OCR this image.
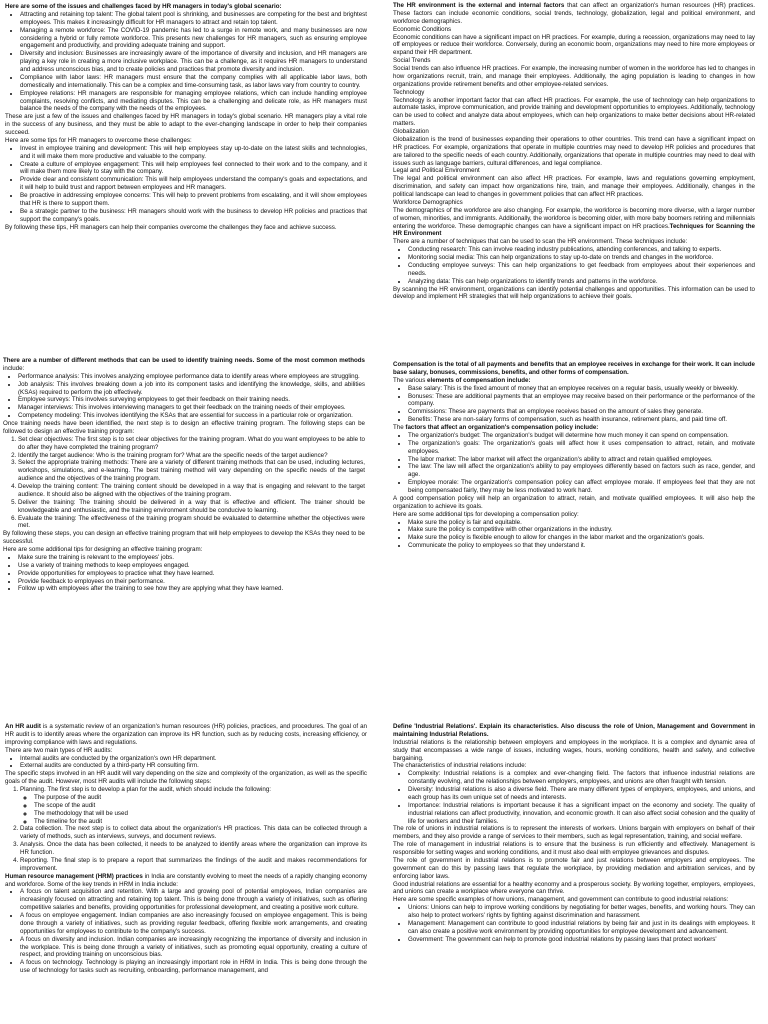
Here are some of the issues and challenges faced by HR managers in today's global scenario:

• Attracting and retaining top talent: The global talent pool is shrinking, and businesses are competing for the best and brightest employees. This makes it increasingly difficult for HR managers to attract and retain top talent.
• Managing a remote workforce: The COVID-19 pandemic has led to a surge in remote work, and many businesses are now considering a hybrid or fully remote workforce. This presents new challenges for HR managers, such as ensuring employee engagement and productivity, and providing adequate training and support.
• Diversity and inclusion: Businesses are increasingly aware of the importance of diversity and inclusion, and HR managers are playing a key role in creating a more inclusive workplace. This can be a challenge, as it requires HR managers to understand and address unconscious bias, and to create policies and practices that promote diversity and inclusion.
• Compliance with labor laws: HR managers must ensure that the company complies with all applicable labor laws, both domestically and internationally. This can be a complex and time-consuming task, as labor laws vary from country to country.
• Employee relations: HR managers are responsible for managing employee relations, which can include handling employee complaints, resolving conflicts, and mediating disputes. This can be a challenging and delicate role, as HR managers must balance the needs of the company with the needs of the employees.

These are just a few of the issues and challenges faced by HR managers in today's global scenario. HR managers play a vital role in the success of any business, and they must be able to adapt to the ever-changing landscape in order to help their companies succeed.

Here are some tips for HR managers to overcome these challenges:

• Invest in employee training and development: This will help employees stay up-to-date on the latest skills and technologies, and it will make them more productive and valuable to the company.
• Create a culture of employee engagement: This will help employees feel connected to their work and to the company, and it will make them more likely to stay with the company.
• Provide clear and consistent communication: This will help employees understand the company's goals and expectations, and it will help to build trust and rapport between employees and HR managers.
• Be proactive in addressing employee concerns: This will help to prevent problems from escalating, and it will show employees that HR is there to support them.
• Be a strategic partner to the business: HR managers should work with the business to develop HR policies and practices that support the company's goals.

By following these tips, HR managers can help their companies overcome the challenges they face and achieve success.

The HR environment is the external and internal factors that can affect an organization's human resources (HR) practices. These factors can include economic conditions, social trends, technology, globalization, legal and political environment, and workforce demographics.

Economic Conditions

Economic conditions can have a significant impact on HR practices. For example, during a recession, organizations may need to lay off employees or reduce their workforce. Conversely, during an economic boom, organizations may need to hire more employees or expand their HR department.

Social Trends

Social trends can also influence HR practices. For example, the increasing number of women in the workforce has led to changes in how organizations recruit, train, and manage their employees. Additionally, the aging population is leading to changes in how organizations provide retirement benefits and other employee-related services.

Technology

Technology is another important factor that can affect HR practices. For example, the use of technology can help organizations to automate tasks, improve communication, and provide training and development opportunities to employees. Additionally, technology can be used to collect and analyze data about employees, which can help organizations to make better decisions about HR-related matters.

Globalization

Globalization is the trend of businesses expanding their operations to other countries. This trend can have a significant impact on HR practices. For example, organizations that operate in multiple countries may need to develop HR policies and procedures that are tailored to the specific needs of each country. Additionally, organizations that operate in multiple countries may need to deal with issues such as language barriers, cultural differences, and legal compliance.

Legal and Political Environment

The legal and political environment can also affect HR practices. For example, laws and regulations governing employment, discrimination, and safety can impact how organizations hire, train, and manage their employees. Additionally, changes in the political landscape can lead to changes in government policies that can affect HR practices.

Workforce Demographics

The demographics of the workforce are also changing. For example, the workforce is becoming more diverse, with a larger number of women, minorities, and immigrants. Additionally, the workforce is becoming older, with more baby boomers retiring and millennials entering the workforce. These demographic changes can have a significant impact on HR practices.Techniques for Scanning the HR Environment

There are a number of techniques that can be used to scan the HR environment. These techniques include:

• Conducting research: This can involve reading industry publications, attending conferences, and talking to experts.
• Monitoring social media: This can help organizations to stay up-to-date on trends and changes in the workforce.
• Conducting employee surveys: This can help organizations to get feedback from employees about their experiences and needs.
• Analyzing data: This can help organizations to identify trends and patterns in the workforce.

By scanning the HR environment, organizations can identify potential challenges and opportunities. This information can be used to develop and implement HR strategies that will help organizations to achieve their goals.

There are a number of different methods that can be used to identify training needs. Some of the most common methods include:

• Performance analysis: This involves analyzing employee performance data to identify areas where employees are struggling.
• Job analysis: This involves breaking down a job into its component tasks and identifying the knowledge, skills, and abilities (KSAs) required to perform the job effectively.
• Employee surveys: This involves surveying employees to get their feedback on their training needs.
• Manager interviews: This involves interviewing managers to get their feedback on the training needs of their employees.
• Competency modeling: This involves identifying the KSAs that are essential for success in a particular role or organization.

Once training needs have been identified, the next step is to design an effective training program. The following steps can be followed to design an effective training program:

1. Set clear objectives: The first step is to set clear objectives for the training program. What do you want employees to be able to do after they have completed the training program?
2. Identify the target audience: Who is the training program for? What are the specific needs of the target audience?
3. Select the appropriate training methods: There are a variety of different training methods that can be used, including lectures, workshops, simulations, and e-learning. The best training method will vary depending on the specific needs of the target audience and the objectives of the training program.
4. Develop the training content: The training content should be developed in a way that is engaging and relevant to the target audience. It should also be aligned with the objectives of the training program.
5. Deliver the training: The training should be delivered in a way that is effective and efficient. The trainer should be knowledgeable and enthusiastic, and the training environment should be conducive to learning.
6. Evaluate the training: The effectiveness of the training program should be evaluated to determine whether the objectives were met.

By following these steps, you can design an effective training program that will help employees to develop the KSAs they need to be successful.

Here are some additional tips for designing an effective training program:

• Make sure the training is relevant to the employees' jobs.
• Use a variety of training methods to keep employees engaged.
• Provide opportunities for employees to practice what they have learned.
• Provide feedback to employees on their performance.
• Follow up with employees after the training to see how they are applying what they have learned.

Compensation is the total of all payments and benefits that an employee receives in exchange for their work. It can include base salary, bonuses, commissions, benefits, and other forms of compensation.

The various elements of compensation include:

• Base salary: This is the fixed amount of money that an employee receives on a regular basis, usually weekly or biweekly.
• Bonuses: These are additional payments that an employee may receive based on their performance or the performance of the company.
• Commissions: These are payments that an employee receives based on the amount of sales they generate.
• Benefits: These are non-salary forms of compensation, such as health insurance, retirement plans, and paid time off.

The factors that affect an organization's compensation policy include:

• The organization's budget: The organization's budget will determine how much money it can spend on compensation.
• The organization's goals: The organization's goals will affect how it uses compensation to attract, retain, and motivate employees.
• The labor market: The labor market will affect the organization's ability to attract and retain qualified employees.
• The law: The law will affect the organization's ability to pay employees differently based on factors such as race, gender, and age.
• Employee morale: The organization's compensation policy can affect employee morale. If employees feel that they are not being compensated fairly, they may be less motivated to work hard.

A good compensation policy will help an organization to attract, retain, and motivate qualified employees. It will also help the organization to achieve its goals.

Here are some additional tips for developing a compensation policy:

• Make sure the policy is fair and equitable.
• Make sure the policy is competitive with other organizations in the industry.
• Make sure the policy is flexible enough to allow for changes in the labor market and the organization's goals.
• Communicate the policy to employees so that they understand it.

An HR audit is a systematic review of an organization's human resources (HR) policies, practices, and procedures. The goal of an HR audit is to identify areas where the organization can improve its HR function, such as by reducing costs, increasing efficiency, or improving compliance with laws and regulations.

There are two main types of HR audits:

• Internal audits are conducted by the organization's own HR department.
• External audits are conducted by a third-party HR consulting firm.

The specific steps involved in an HR audit will vary depending on the size and complexity of the organization, as well as the specific goals of the audit. However, most HR audits will include the following steps:

1. Planning. The first step is to develop a plan for the audit, which should include the following:
◦ The purpose of the audit
◦ The scope of the audit
◦ The methodology that will be used
◦ The timeline for the audit
2. Data collection. The next step is to collect data about the organization's HR practices. This data can be collected through a variety of methods, such as interviews, surveys, and document reviews.
3. Analysis. Once the data has been collected, it needs to be analyzed to identify areas where the organization can improve its HR function.
4. Reporting. The final step is to prepare a report that summarizes the findings of the audit and makes recommendations for improvement.

Human resource management (HRM) practices in India are constantly evolving to meet the needs of a rapidly changing economy and workforce. Some of the key trends in HRM in India include:

• A focus on talent acquisition and retention. With a large and growing pool of potential employees, Indian companies are increasingly focused on attracting and retaining top talent. This is being done through a variety of initiatives, such as offering competitive salaries and benefits, providing opportunities for professional development, and creating a positive work culture.
• A focus on employee engagement. Indian companies are also increasingly focused on employee engagement. This is being done through a variety of initiatives, such as providing regular feedback, offering flexible work arrangements, and creating opportunities for employees to contribute to the company's success.
• A focus on diversity and inclusion. Indian companies are increasingly recognizing the importance of diversity and inclusion in the workplace. This is being done through a variety of initiatives, such as promoting equal opportunity, creating a culture of respect, and providing training on unconscious bias.
• A focus on technology. Technology is playing an increasingly important role in HRM in India. This is being done through the use of technology for tasks such as recruiting, onboarding, performance management, and

Define 'Industrial Relations'. Explain its characteristics. Also discuss the role of Union, Management and Government in maintaining Industrial Relations.

Industrial relations is the relationship between employers and employees in the workplace. It is a complex and dynamic area of study that encompasses a wide range of issues, including wages, hours, working conditions, health and safety, and collective bargaining.

The characteristics of industrial relations include:

• Complexity: Industrial relations is a complex and ever-changing field. The factors that influence industrial relations are constantly evolving, and the relationships between employers, employees, and unions are often fraught with tension.
• Diversity: Industrial relations is also a diverse field. There are many different types of employers, employees, and unions, and each group has its own unique set of needs and interests.
• Importance: Industrial relations is important because it has a significant impact on the economy and society. The quality of industrial relations can affect productivity, innovation, and economic growth. It can also affect social cohesion and the quality of life for workers and their families.

The role of unions in industrial relations is to represent the interests of workers. Unions bargain with employers on behalf of their members, and they also provide a range of services to their members, such as legal representation, training, and social welfare.

The role of management in industrial relations is to ensure that the business is run efficiently and effectively. Management is responsible for setting wages and working conditions, and it must also deal with employee grievances and disputes.

The role of government in industrial relations is to promote fair and just relations between employers and employees. The government can do this by passing laws that regulate the workplace, by providing mediation and arbitration services, and by enforcing labor laws.

Good industrial relations are essential for a healthy economy and a prosperous society. By working together, employers, employees, and unions can create a workplace where everyone can thrive.

Here are some specific examples of how unions, management, and government can contribute to good industrial relations:

• Unions: Unions can help to improve working conditions by negotiating for better wages, benefits, and working hours. They can also help to protect workers' rights by fighting against discrimination and harassment.
• Management: Management can contribute to good industrial relations by being fair and just in its dealings with employees. It can also create a positive work environment by providing opportunities for employee development and advancement.
• Government: The government can help to promote good industrial relations by passing laws that protect workers'
